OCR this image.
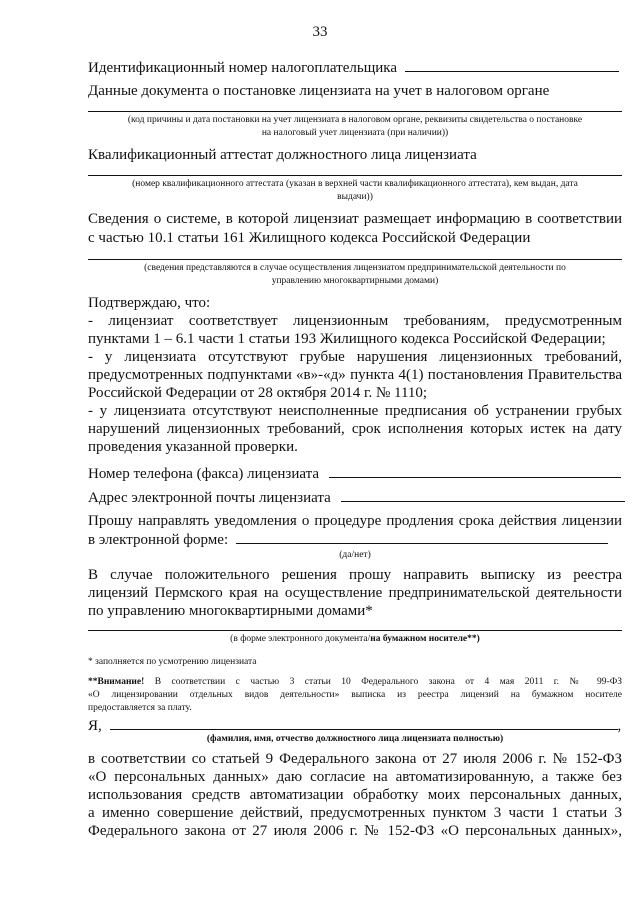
33
Идентификационный номер налогоплательщика
Данные документа о постановке лицензиата на учет в налоговом органе
(код причины и дата постановки на учет лицензиата в налоговом органе, реквизиты свидетельства о постановке
на налоговый учет лицензиата (при наличии))
Квалификационный аттестат должностного лица лицензиата
(номер квалификационного аттестата (указан в верхней части квалификационного аттестата), кем выдан, дата
выдачи))
Сведения о системе, в которой лицензиат размещает информацию в соответствии
с частью 10.1 статьи 161 Жилищного кодекса Российской Федерации
(сведения представляются в случае осуществления лицензиатом предпринимательской деятельности по
управлению многоквартирными домами)
Подтверждаю, что:
- лицензиат соответствует лицензионным требованиям, предусмотренным
пунктами 1 – 6.1 части 1 статьи 193 Жилищного кодекса Российской Федерации;
- у лицензиата отсутствуют грубые нарушения лицензионных требований,
предусмотренных подпунктами «в»-«д» пункта 4(1) постановления Правительства
Российской Федерации от 28 октября 2014 г. № 1110;
- у лицензиата отсутствуют неисполненные предписания об устранении грубых
нарушений лицензионных требований, срок исполнения которых истек на дату
проведения указанной проверки.
Номер телефона (факса) лицензиата
Адрес электронной почты лицензиата
Прошу направлять уведомления о процедуре продления срока действия лицензии
в электронной форме:
(да/нет)
В случае положительного решения прошу направить выписку из реестра
лицензий Пермского края на осуществление предпринимательской деятельности
по управлению многоквартирными домами*
(в форме электронного документа/на бумажном носителе**)
* заполняется по усмотрению лицензиата
**Внимание! В соответствии с частью 3 статьи 10 Федерального закона от 4 мая 2011 г. № 99-ФЗ
«О лицензировании отдельных видов деятельности» выписка из реестра лицензий на бумажном носителе
предоставляется за плату.
Я,	,
(фамилия, имя, отчество должностного лица лицензиата полностью)
в соответствии со статьей 9 Федерального закона от 27 июля 2006 г. № 152-ФЗ
«О персональных данных» даю согласие на автоматизированную, а также без
использования средств автоматизации обработку моих персональных данных,
а именно совершение действий, предусмотренных пунктом 3 части 1 статьи 3
Федерального закона от 27 июля 2006 г. № 152-ФЗ «О персональных данных»,
